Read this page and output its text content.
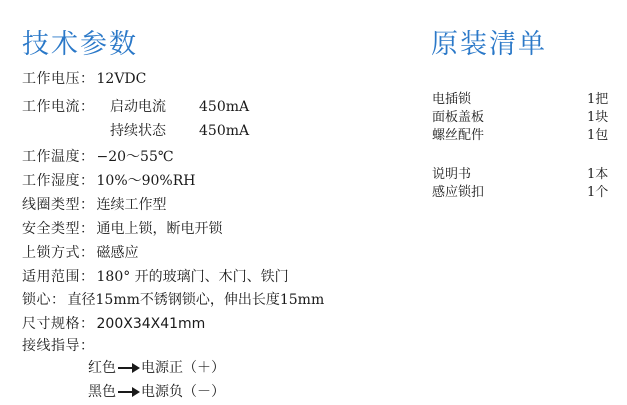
技术参数	原装清单
工作电压： 12VDC
工作电流： 启动电流 450mA
持续状态 450mA
工作温度： −20～55℃
工作湿度： 10%～90%RH
线圈类型： 连续工作型
安全类型： 通电上锁，断电开锁
上锁方式： 磁感应
适用范围： 180° 开的玻璃门、木门、铁门
锁心： 直径15mm不锈钢锁心，伸出长度15mm
尺寸规格： 200X34X41mm
接线指导：
红色 电源正（＋）
黑色 电源负（－）
电插锁	1把
面板盖板	1块
螺丝配件	1包
说明书	1本
感应锁扣	1个
